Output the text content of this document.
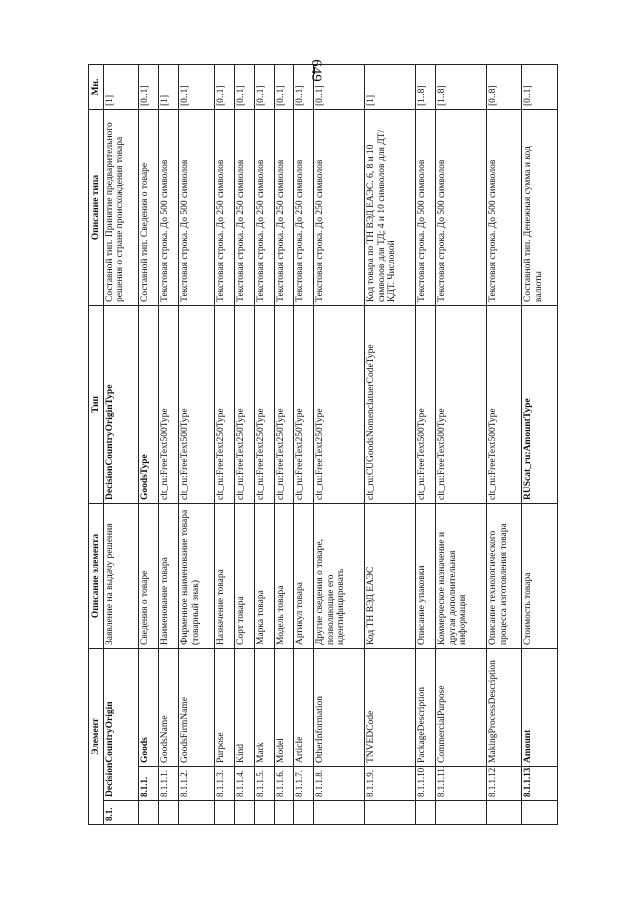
649
Элемент			Описание элемента	Тип	Описание типа	Мн.
8.1.	DecisionCountryOrigin		Заявление на выдачу решения	DecisionCountryOriginType	Составной тип. Принятие предварительного решения о стране происхождения товара	[1]
	8.1.1.	Goods	Сведения о товаре	GoodsType	Составной тип. Сведения о товаре	[0..1]
	8.1.1.1.	GoodsName	Наименование товара	clt_ru:FreeText500Type	Текстовая строка. До 500 символов	[1]
	8.1.1.2.	GoodsFirmName	Фирменное наименование товара (товарный знак)	clt_ru:FreeText500Type	Текстовая строка. До 500 символов	[0..1]
	8.1.1.3.	Purpose	Назначение товара	clt_ru:FreeText250Type	Текстовая строка. До 250 символов	[0..1]
	8.1.1.4.	Kind	Сорт товара	clt_ru:FreeText250Type	Текстовая строка. До 250 символов	[0..1]
	8.1.1.5.	Mark	Марка товара	clt_ru:FreeText250Type	Текстовая строка. До 250 символов	[0..1]
	8.1.1.6.	Model	Модель товара	clt_ru:FreeText250Type	Текстовая строка. До 250 символов	[0..1]
	8.1.1.7.	Article	Артикул товара	clt_ru:FreeText250Type	Текстовая строка. До 250 символов	[0..1]
	8.1.1.8.	OtherInformation	Другие сведения о товаре, позволяющие его идентифицировать	clt_ru:FreeText250Type	Текстовая строка. До 250 символов	[0..1]
	8.1.1.9.	TNVEDCode	Код ТН ВЭД ЕАЭС	clt_ru:CUGoodsNomenclatuerCodeType	Код товара по ТН ВЭД ЕАЭС. 6, 8 и 10 символов для ТД; 4 и 10 символов для ДТ/КДТ. Числовой	[1]
	8.1.1.10.	PackageDescription	Описание упаковки	clt_ru:FreeText500Type	Текстовая строка. До 500 символов	[1..8]
	8.1.1.11.	CommercialPurpose	Коммерческое назначение и другая дополнительная информация	clt_ru:FreeText500Type	Текстовая строка. До 500 символов	[1..8]
	8.1.1.12.	MakingProcessDescription	Описание технологического процесса изготовления товара	clt_ru:FreeText500Type	Текстовая строка. До 500 символов	[0..8]
	8.1.1.13.	Amount	Стоимость товара	RUScat_ru:AmountType	Составной тип. Денежная сумма и код валюты	[0..1]
